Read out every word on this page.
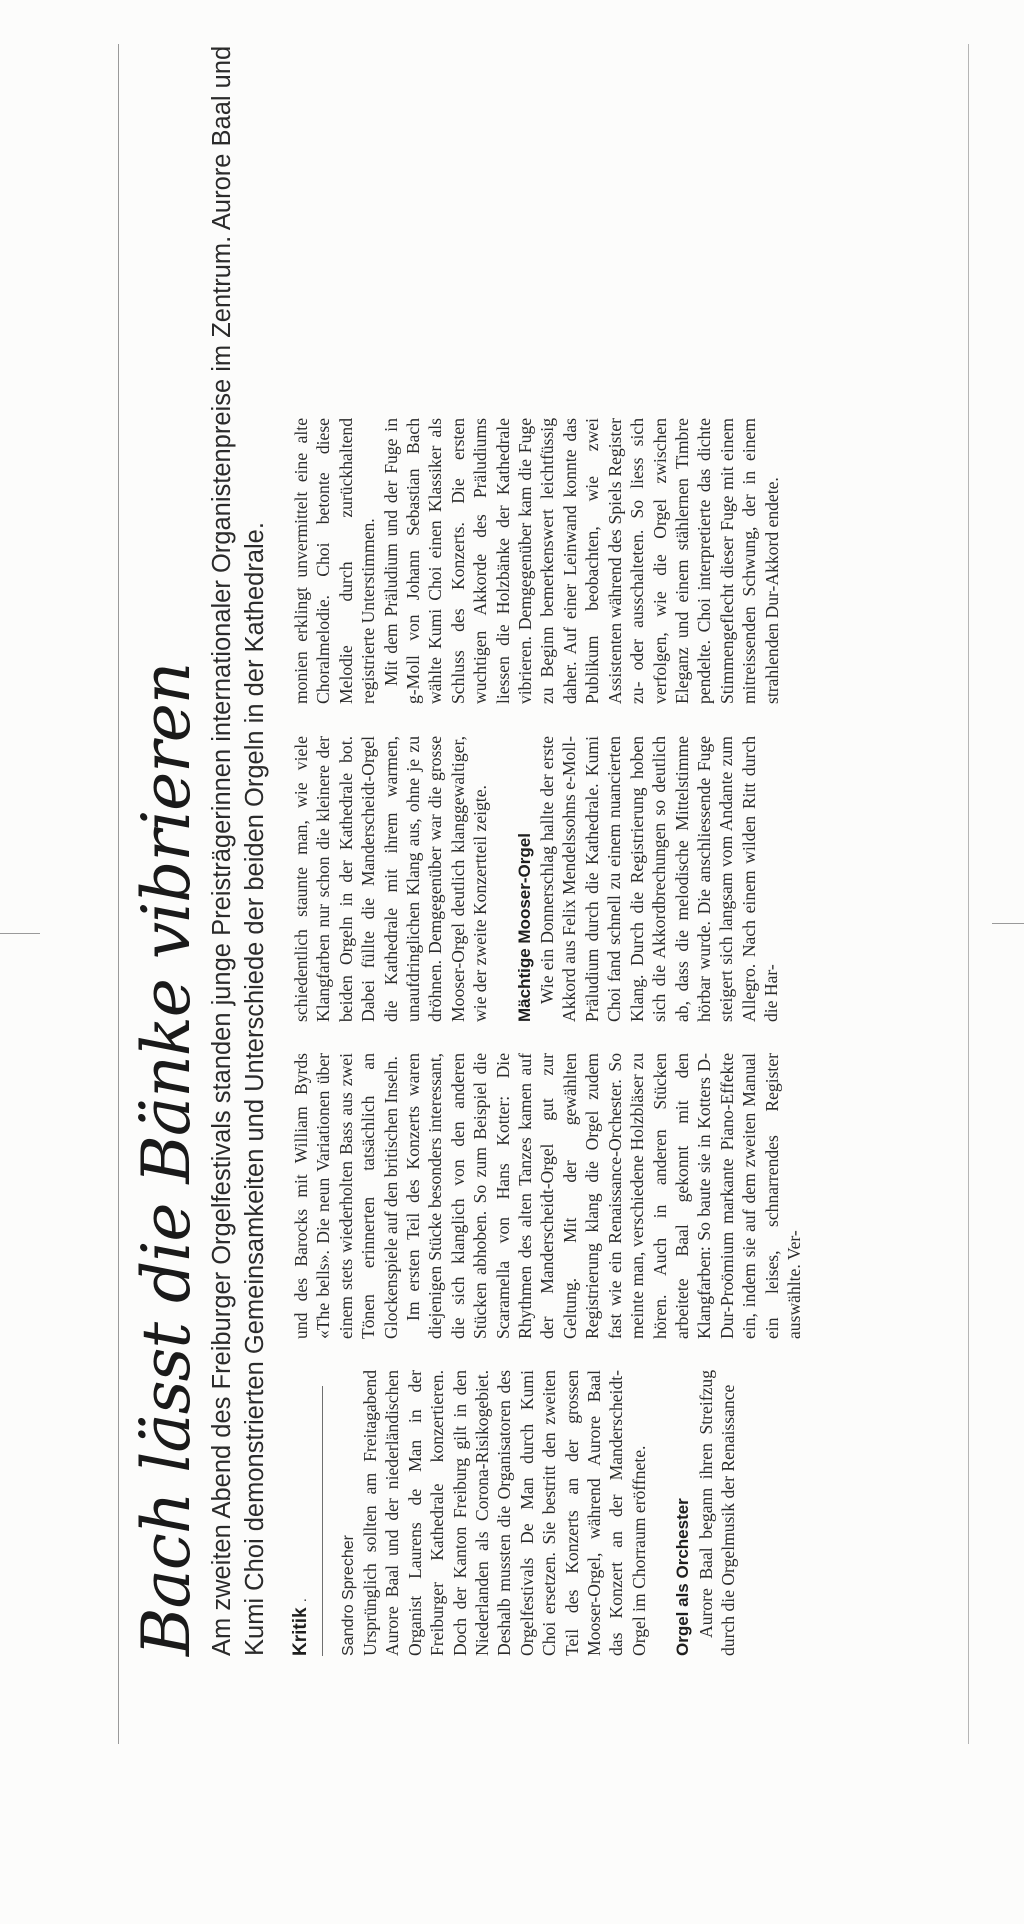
Bach lässt die Bänke vibrieren Am zweiten Abend des Freiburger Orgelfestivals standen junge Preisträgerinnen internationaler Organistenpreise im Zentrum. Aurore Baal und Kumi Choi demonstrierten Gemeinsamkeiten und Unterschiede der beiden Orgeln in der Kathedrale. Kritik . Sandro Sprecher Ursprünglich sollten am Freitagabend Aurore Baal und der niederländischen Organist Laurens de Man in der Freiburger Kathedrale konzertieren. Doch der Kanton Freiburg gilt in den Niederlanden als Corona-Risikogebiet. Deshalb mussten die Organisatoren des Orgelfestivals De Man durch Kumi Choi ersetzen. Sie bestritt den zweiten Teil des Konzerts an der grossen Mooser-Orgel, während Aurore Baal das Konzert an der Manderscheidt-Orgel im Chorraum eröffnete. Orgel als Orchester Aurore Baal begann ihren Streifzug durch die Orgelmusik der Renaissance

und des Barocks mit William Byrds «The bells». Die neun Variationen über einem stets wiederholten Bass aus zwei Tönen erinnerten tatsächlich an Glockenspiele auf den britischen Inseln. Im ersten Teil des Konzerts waren diejenigen Stücke besonders interessant, die sich klanglich von den anderen Stücken abhoben. So zum Beispiel die Scaramella von Hans Kotter: Die Rhythmen des alten Tanzes kamen auf der Manderscheidt-Orgel gut zur Geltung. Mit der gewählten Registrierung klang die Orgel zudem fast wie ein Renaissance-Orchester. So meinte man, verschiedene Holzbläser zu hören. Auch in anderen Stücken arbeitete Baal gekonnt mit den Klangfarben: So baute sie in Kotters D-Dur-Proömium markante Piano-Effekte ein, indem sie auf dem zweiten Manual ein leises, schnarrendes Register auswählte. Ver-

schiedentlich staunte man, wie viele Klangfarben nur schon die kleinere der beiden Orgeln in der Kathedrale bot. Dabei füllte die Manderscheidt-Orgel die Kathedrale mit ihrem warmen, unaufdringlichen Klang aus, ohne je zu dröhnen. Demgegenüber war die grosse Mooser-Orgel deutlich klanggewaltiger, wie der zweite Konzertteil zeigte. Mächtige Mooser-Orgel Wie ein Donnerschlag hallte der erste Akkord aus Felix Mendelssohns e-Moll-Präludium durch die Kathedrale. Kumi Choi fand schnell zu einem nuancierten Klang. Durch die Registrierung hoben sich die Akkordbrechungen so deutlich ab, dass die melodische Mittelstimme hörbar wurde. Die anschliessende Fuge steigert sich langsam vom Andante zum Allegro. Nach einem wilden Ritt durch die Har-

monien erklingt unvermittelt eine alte Choralmelodie. Choi betonte diese Melodie durch zurückhaltend registrierte Unterstimmen. Mit dem Präludium und der Fuge in g-Moll von Johann Sebastian Bach wählte Kumi Choi einen Klassiker als Schluss des Konzerts. Die ersten wuchtigen Akkorde des Präludiums liessen die Holzbänke der Kathedrale vibrieren. Demgegenüber kam die Fuge zu Beginn bemerkenswert leichtfüssig daher. Auf einer Leinwand konnte das Publikum beobachten, wie zwei Assistenten während des Spiels Register zu- oder ausschalteten. So liess sich verfolgen, wie die Orgel zwischen Eleganz und einem stählernen Timbre pendelte. Choi interpretierte das dichte Stimmengeflecht dieser Fuge mit einem mitreissenden Schwung, der in einem strahlenden Dur-Akkord endete.
